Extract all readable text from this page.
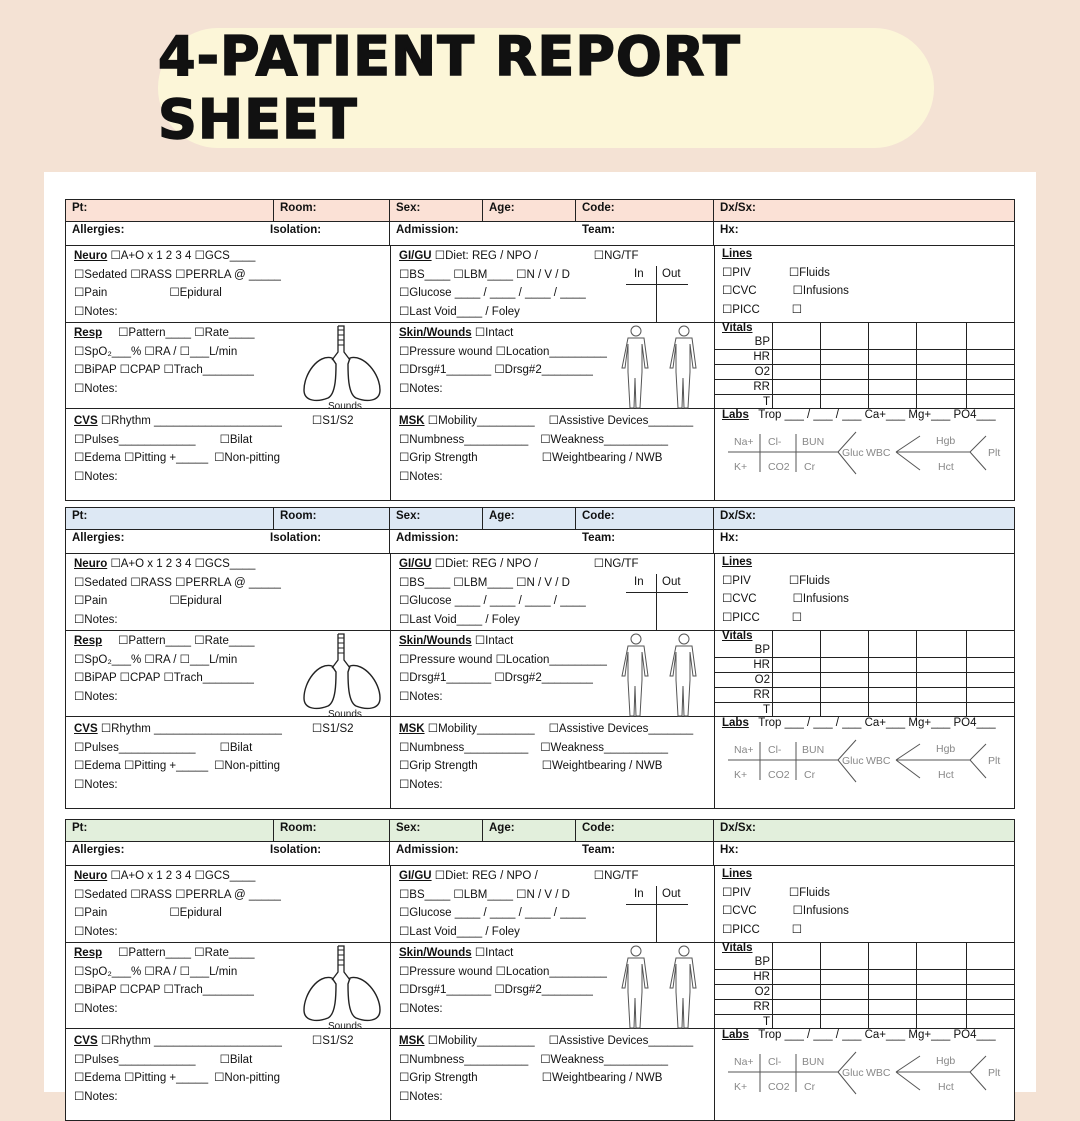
4-PATIENT REPORT SHEET
Pt:	Room:	Sex:	Age:	Code:	Dx/Sx:
Allergies:	Isolation:	Admission:	Team:	Hx:
Neuro ☐A+O x 1 2 3 4 ☐GCS____
☐Sedated ☐RASS ☐PERRLA @ _____
☐Pain	☐Epidural
☐Notes:
Resp ☐Pattern____ ☐Rate____
☐SpO₂___% ☐RA / ☐___L/min
☐BiPAP ☐CPAP ☐Trach________
☐Notes:
Sounds
CVS ☐Rhythm ____________________	☐S1/S2
☐Pulses____________ ☐Bilat
☐Edema ☐Pitting +_____ ☐Non-pitting
☐Notes:
GI/GU ☐Diet: REG / NPO /	☐NG/TF
☐BS____ ☐LBM____ ☐N / V / D
☐Glucose ____ / ____ / ____ / ____
☐Last Void____ / Foley
In Out
Skin/Wounds ☐Intact
☐Pressure wound ☐Location_________
☐Drsg#1_______ ☐Drsg#2________
☐Notes:
MSK ☐Mobility_________ ☐Assistive Devices_______
☐Numbness__________ ☐Weakness__________
☐Grip Strength	☐Weightbearing / NWB
☐Notes:
Lines
☐PIV	☐Fluids
☐CVC	☐Infusions
☐PICC	☐
Vitals
BP
HR
O2
RR
T
Labs Trop ___ / ___ / ___ Ca+___ Mg+___ PO4___
Na+ Cl- BUN
Gluc
K+ CO2 Cr
WBC
Hgb
Hct
Plt
Pt:	Room:	Sex:	Age:	Code:	Dx/Sx:
Allergies:	Isolation:	Admission:	Team:	Hx:
Neuro ☐A+O x 1 2 3 4 ☐GCS____
☐Sedated ☐RASS ☐PERRLA @ _____
☐Pain	☐Epidural
☐Notes:
Resp ☐Pattern____ ☐Rate____
☐SpO₂___% ☐RA / ☐___L/min
☐BiPAP ☐CPAP ☐Trach________
☐Notes:
Sounds
CVS ☐Rhythm ____________________	☐S1/S2
☐Pulses____________ ☐Bilat
☐Edema ☐Pitting +_____ ☐Non-pitting
☐Notes:
GI/GU ☐Diet: REG / NPO /	☐NG/TF
☐BS____ ☐LBM____ ☐N / V / D
☐Glucose ____ / ____ / ____ / ____
☐Last Void____ / Foley
In Out
Skin/Wounds ☐Intact
☐Pressure wound ☐Location_________
☐Drsg#1_______ ☐Drsg#2________
☐Notes:
MSK ☐Mobility_________ ☐Assistive Devices_______
☐Numbness__________ ☐Weakness__________
☐Grip Strength	☐Weightbearing / NWB
☐Notes:
Lines
☐PIV	☐Fluids
☐CVC	☐Infusions
☐PICC	☐
Vitals
BP
HR
O2
RR
T
Labs Trop ___ / ___ / ___ Ca+___ Mg+___ PO4___
Na+ Cl- BUN
Gluc
K+ CO2 Cr
WBC
Hgb
Hct
Plt
Pt:	Room:	Sex:	Age:	Code:	Dx/Sx:
Allergies:	Isolation:	Admission:	Team:	Hx:
Neuro ☐A+O x 1 2 3 4 ☐GCS____
☐Sedated ☐RASS ☐PERRLA @ _____
☐Pain	☐Epidural
☐Notes:
Resp ☐Pattern____ ☐Rate____
☐SpO₂___% ☐RA / ☐___L/min
☐BiPAP ☐CPAP ☐Trach________
☐Notes:
Sounds
CVS ☐Rhythm ____________________	☐S1/S2
☐Pulses____________ ☐Bilat
☐Edema ☐Pitting +_____ ☐Non-pitting
☐Notes:
GI/GU ☐Diet: REG / NPO /	☐NG/TF
☐BS____ ☐LBM____ ☐N / V / D
☐Glucose ____ / ____ / ____ / ____
☐Last Void____ / Foley
In Out
Skin/Wounds ☐Intact
☐Pressure wound ☐Location_________
☐Drsg#1_______ ☐Drsg#2________
☐Notes:
MSK ☐Mobility_________ ☐Assistive Devices_______
☐Numbness__________ ☐Weakness__________
☐Grip Strength	☐Weightbearing / NWB
☐Notes:
Lines
☐PIV	☐Fluids
☐CVC	☐Infusions
☐PICC	☐
Vitals
BP
HR
O2
RR
T
Labs Trop ___ / ___ / ___ Ca+___ Mg+___ PO4___
Na+ Cl- BUN
Gluc
K+ CO2 Cr
WBC
Hgb
Hct
Plt
